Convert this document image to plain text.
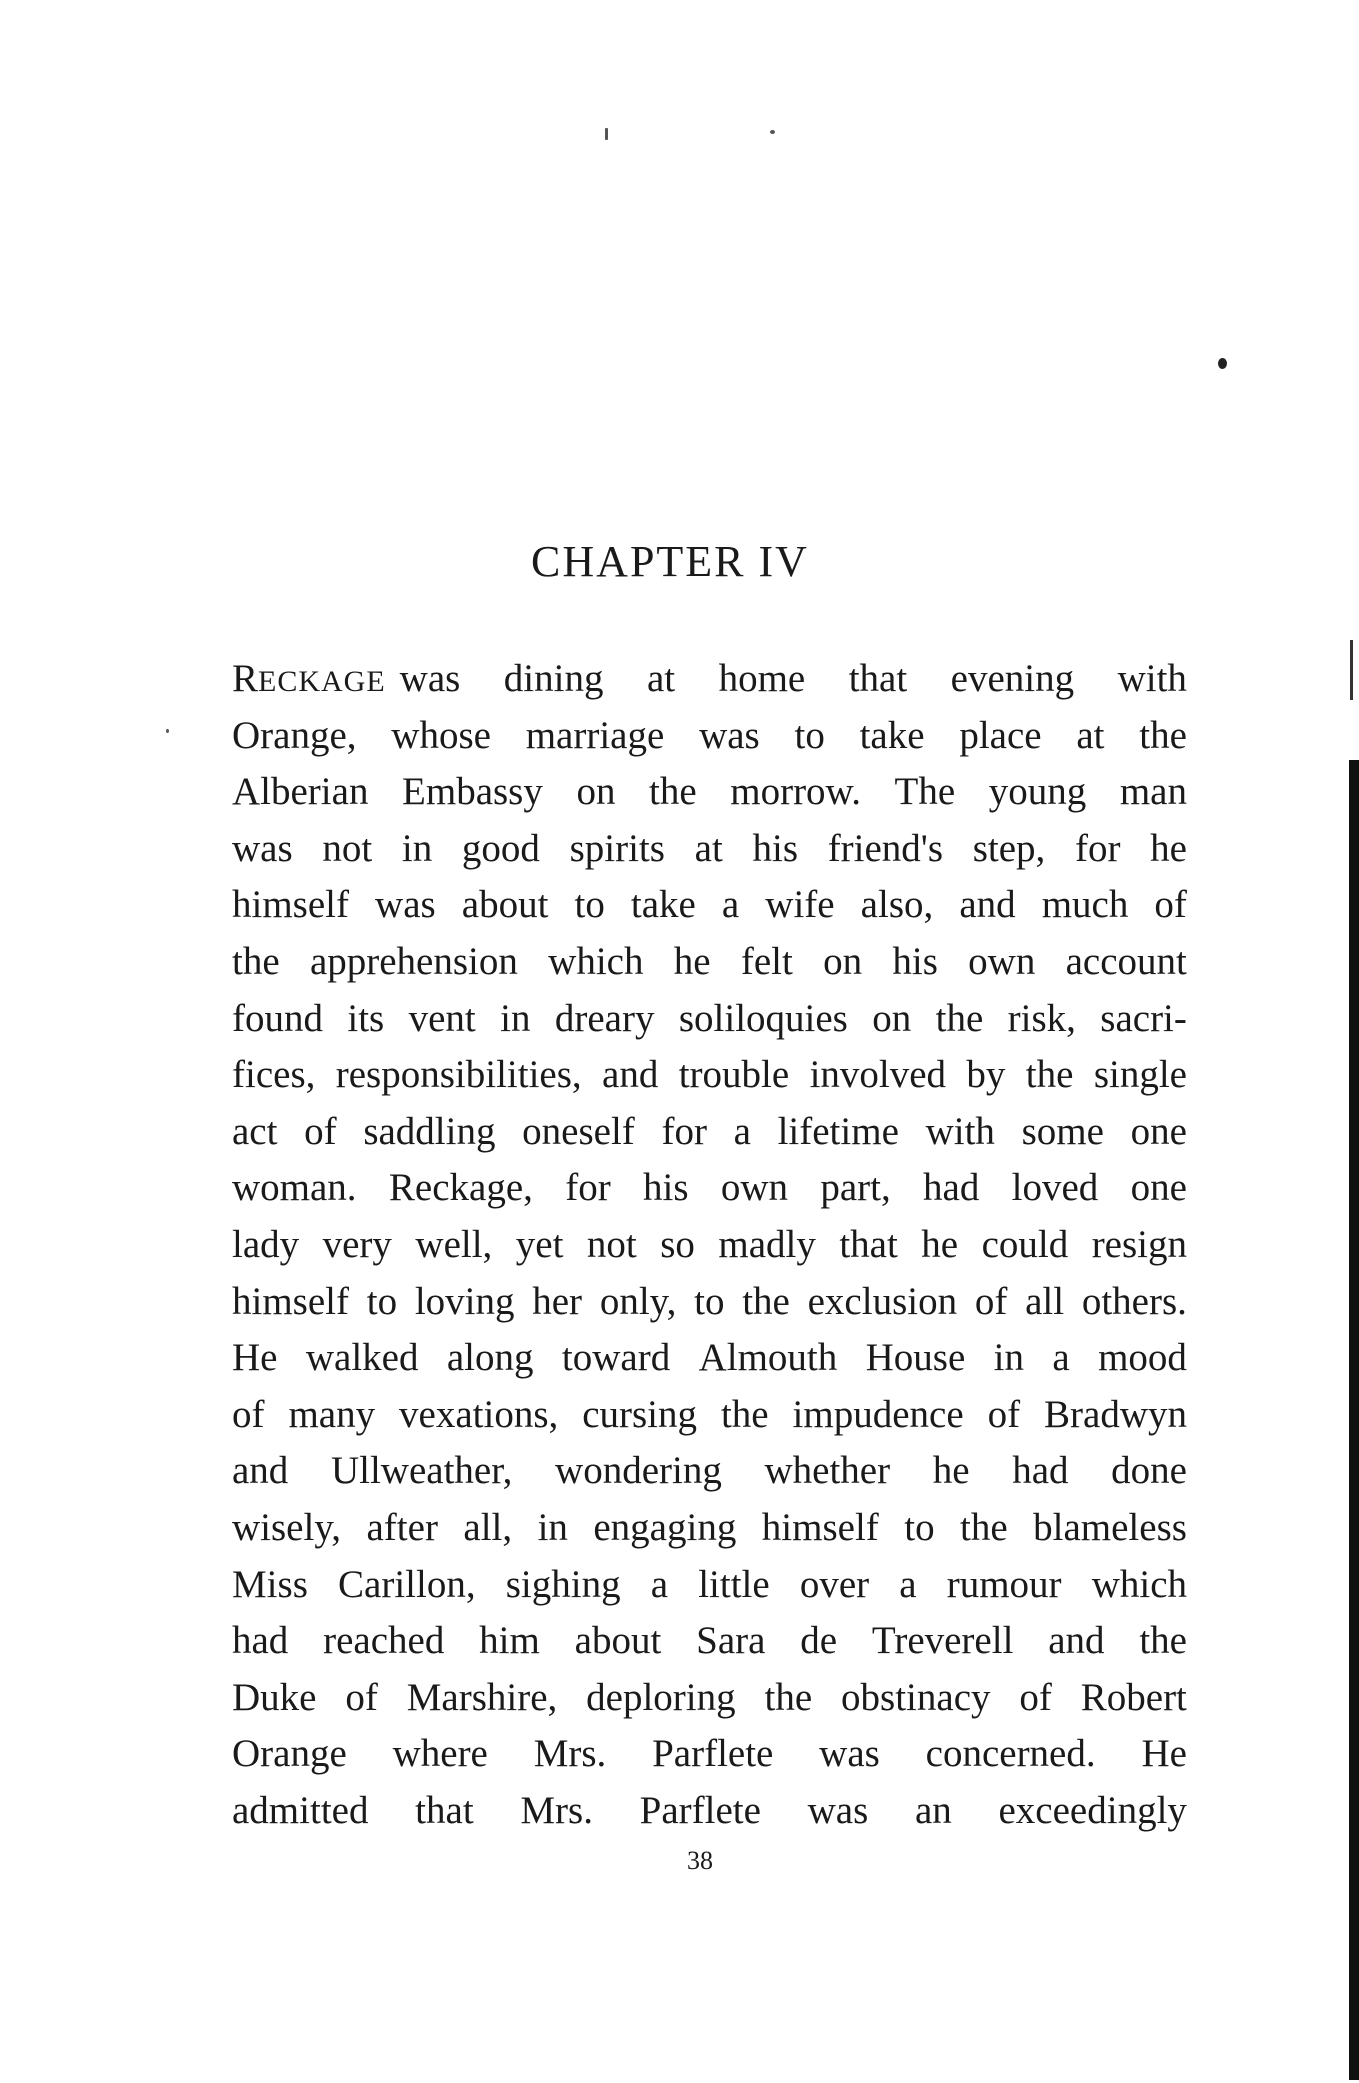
CHAPTER IV
RECKAGE was dining at home that evening with
Orange, whose marriage was to take place at the
Alberian Embassy on the morrow. The young man
was not in good spirits at his friend's step, for he
himself was about to take a wife also, and much of
the apprehension which he felt on his own account
found its vent in dreary soliloquies on the risk, sacri-
fices, responsibilities, and trouble involved by the single
act of saddling oneself for a lifetime with some one
woman. Reckage, for his own part, had loved one
lady very well, yet not so madly that he could resign
himself to loving her only, to the exclusion of all others.
He walked along toward Almouth House in a mood
of many vexations, cursing the impudence of Bradwyn
and Ullweather, wondering whether he had done
wisely, after all, in engaging himself to the blameless
Miss Carillon, sighing a little over a rumour which
had reached him about Sara de Treverell and the
Duke of Marshire, deploring the obstinacy of Robert
Orange where Mrs. Parflete was concerned. He
admitted that Mrs. Parflete was an exceedingly
38
